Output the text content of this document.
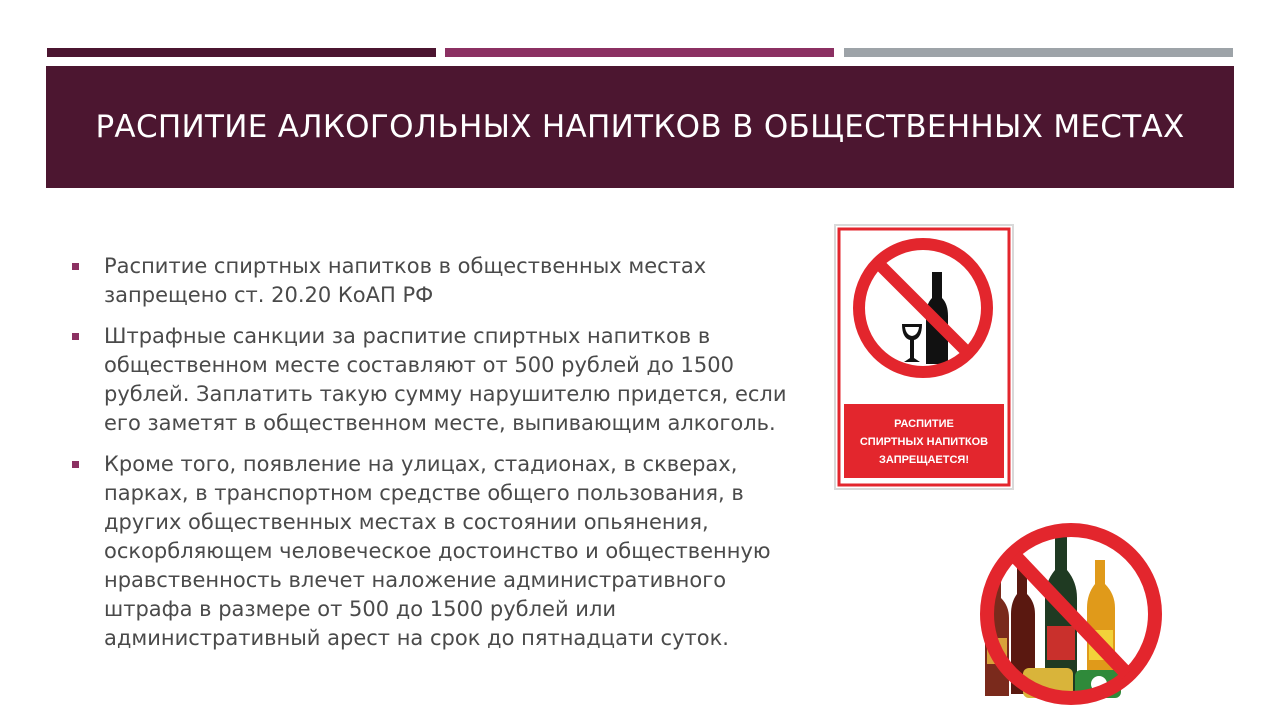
РАСПИТИЕ АЛКОГОЛЬНЫХ НАПИТКОВ В ОБЩЕСТВЕННЫХ МЕСТАХ
Распитие спиртных напитков в общественных местах запрещено ст. 20.20 КоАП РФ
Штрафные санкции за распитие спиртных напитков в общественном месте составляют от 500 рублей до 1500 рублей. Заплатить такую сумму нарушителю придется, если его заметят в общественном месте, выпивающим алкоголь.
Кроме того, появление на улицах, стадионах, в скверах, парках, в транспортном средстве общего пользования, в других общественных местах в состоянии опьянения, оскорбляющем человеческое достоинство и общественную нравственность влечет наложение административного штрафа в размере от 500 до 1500 рублей или административный арест на срок до пятнадцати суток.
РАСПИТИЕ
СПИРТНЫХ НАПИТКОВ
ЗАПРЕЩАЕТСЯ!
